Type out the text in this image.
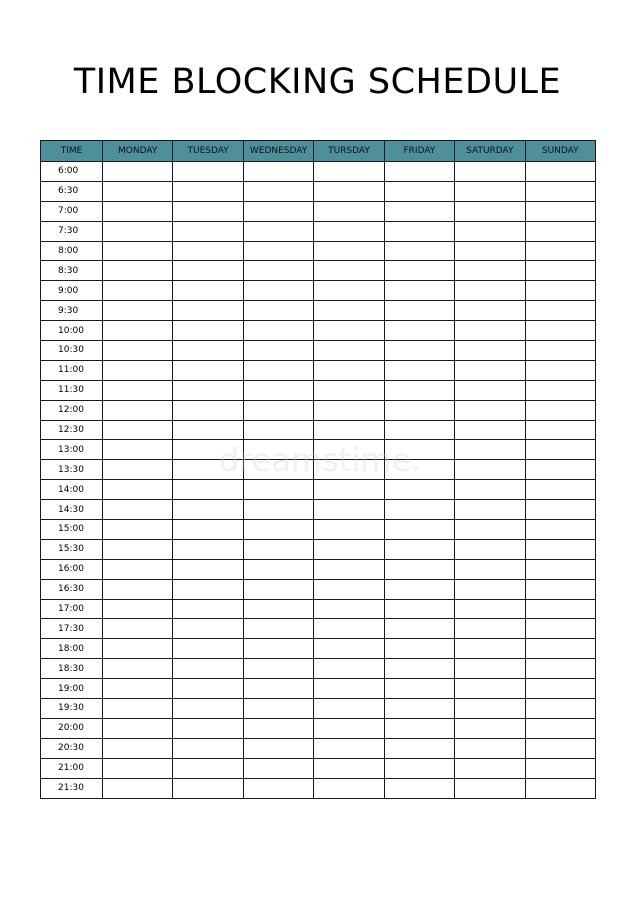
TIME BLOCKING SCHEDULE
TIME	MONDAY	TUESDAY	WEDNESDAY	TURSDAY	FRIDAY	SATURDAY	SUNDAY
6:00							
6:30							
7:00							
7:30							
8:00							
8:30							
9:00							
9:30							
10:00							
10:30							
11:00							
11:30							
12:00							
12:30							
13:00							
13:30							
14:00							
14:30							
15:00							
15:30							
16:00							
16:30							
17:00							
17:30							
18:00							
18:30							
19:00							
19:30							
20:00							
20:30							
21:00							
21:30							
dreamstime.
